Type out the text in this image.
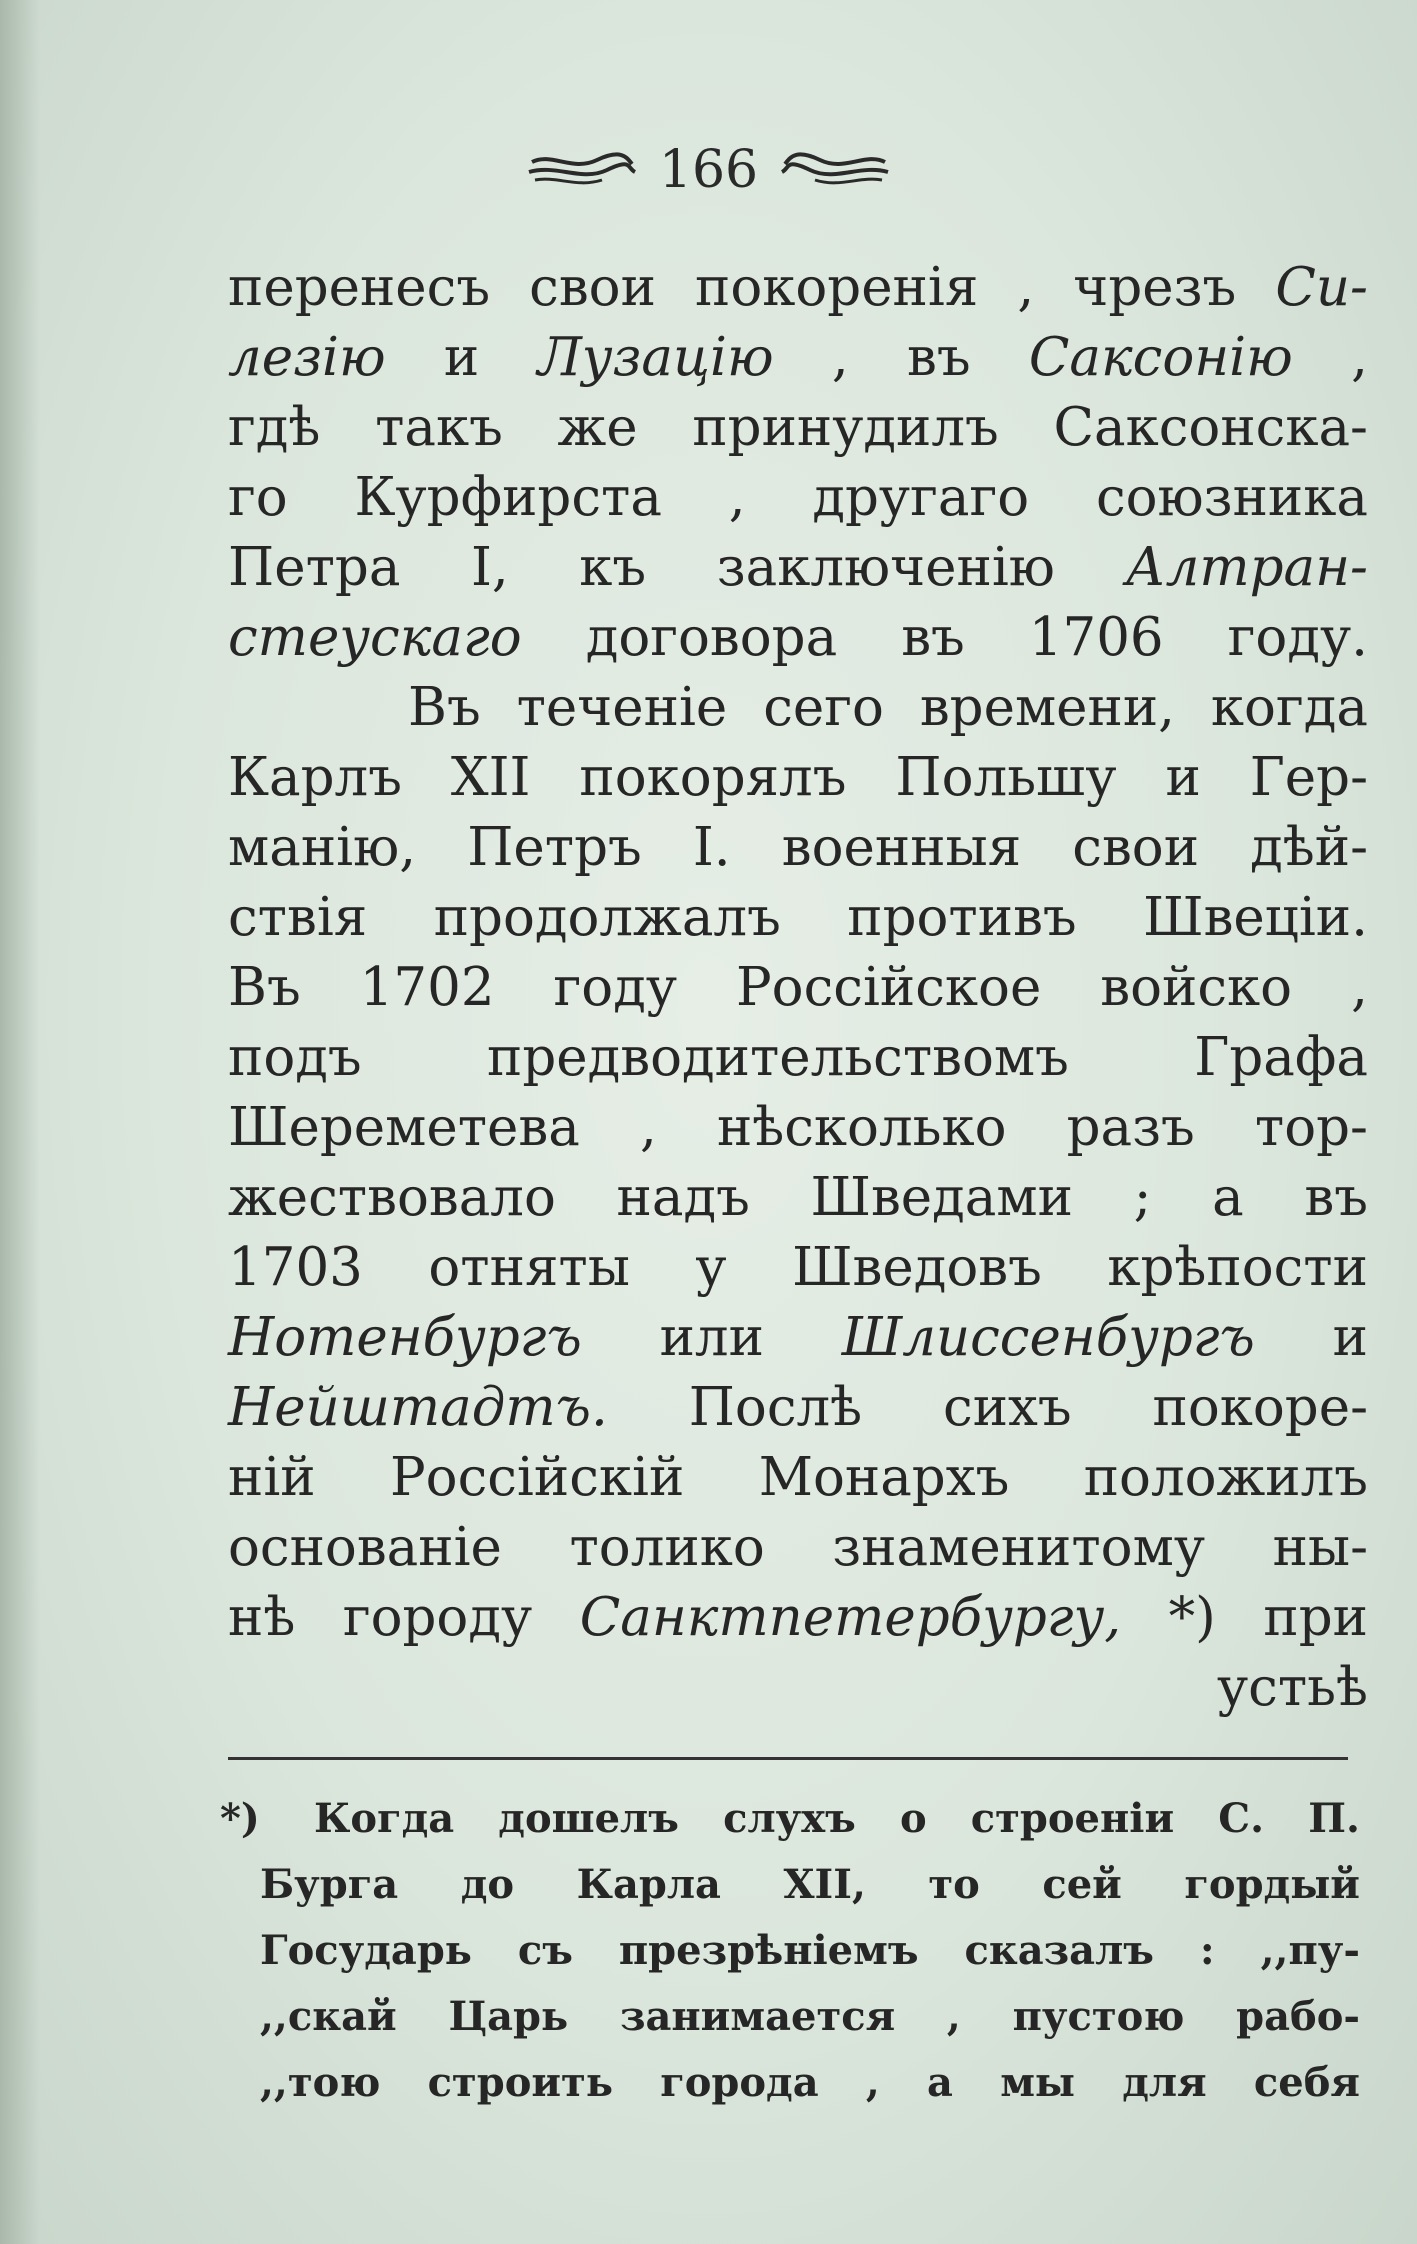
166
перенесъ свои покоренія , чрезъ Си-
лезію и Лузацію , въ Саксонію ,
гдѣ такъ же принудилъ Саксонска-
го Курфирста , другаго союзника
Петра I, къ заключенію Алтран-
стеускаго договора въ 1706 году.
Въ теченіе сего времени, когда
Карлъ XII покорялъ Польшу и Гер-
манію, Петръ I. военныя свои дѣй-
ствія продолжалъ противъ Швеціи.
Въ 1702 году Россійское войско ,
подъ предводительствомъ Графа
Шереметева , нѣсколько разъ тор-
жествовало надъ Шведами ; а въ
1703 отняты у Шведовъ крѣпости
Нотенбургъ или Шлиссенбургъ и
Нейштадтъ. Послѣ сихъ покоре-
ній Россійскій Монархъ положилъ
основаніе толико знаменитому ны-
нѣ городу Санктпетербургу, *) при
устьѣ
*) Когда дошелъ слухъ о строеніи С. П.
Бурга до Карла XII, то сей гордый
Государь съ презрѣніемъ сказалъ : ,,пу-
,,скай Царь занимается , пустою рабо-
,,тою строить города , а мы для себя
